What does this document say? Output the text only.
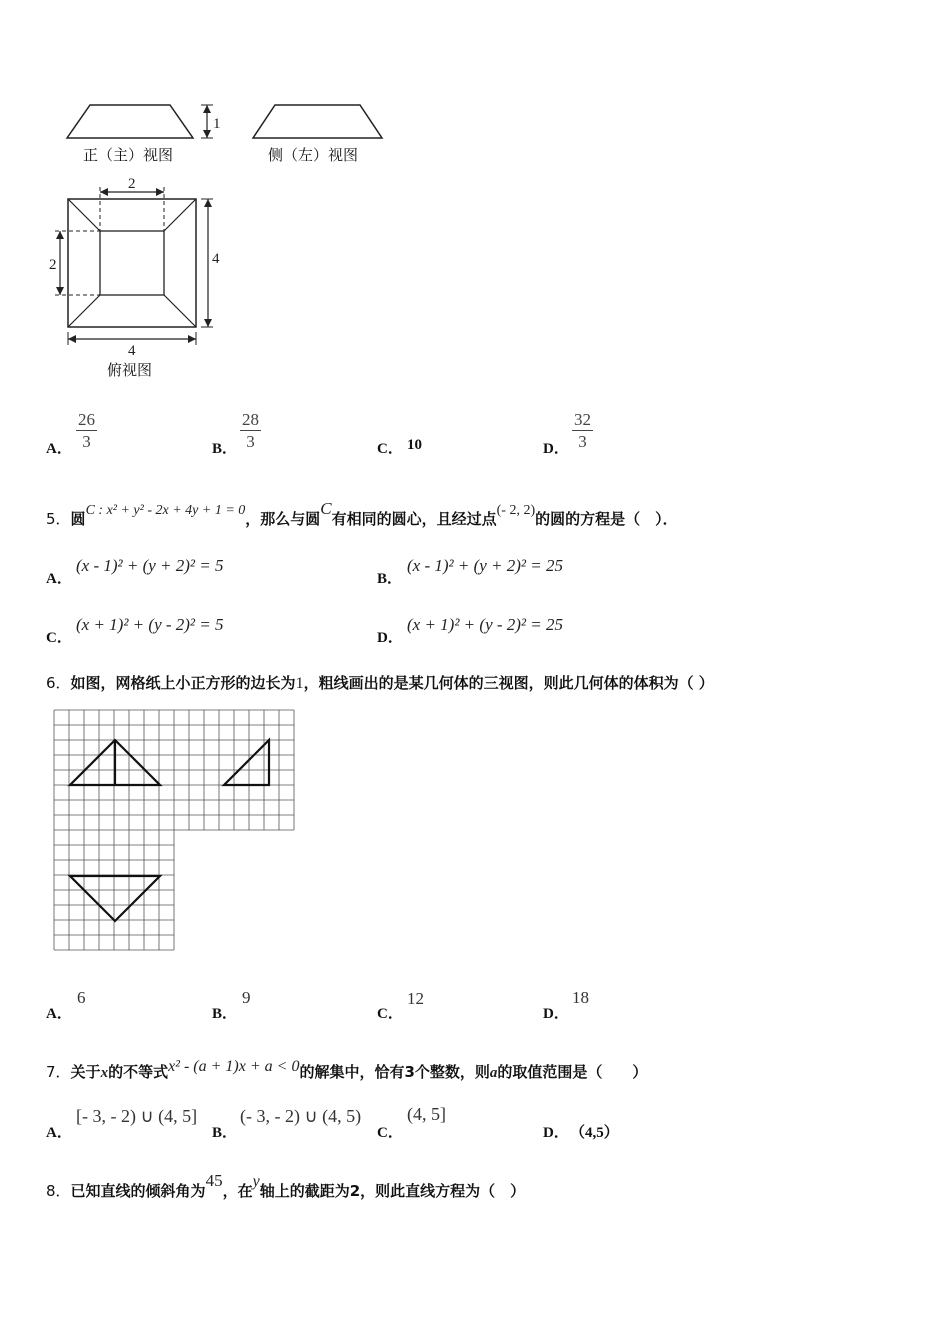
1
2
2	4
4
正（主）视图	侧（左）视图
俯视图
A． $\frac{26}{3}$	B． $\frac{28}{3}$	C． 10	D． $\frac{32}{3}$
5．圆C : x² + y² - 2x + 4y + 1 = 0，那么与圆C有相同的圆心，且经过点(- 2, 2)的圆的方程是（　）．
A．
(x - 1)² + (y + 2)² = 5
B．
(x - 1)² + (y + 2)² = 25
C．
(x + 1)² + (y - 2)² = 5
D．
(x + 1)² + (y - 2)² = 25
6．如图，网格纸上小正方形的边长为1，粗线画出的是某几何体的三视图，则此几何体的体积为（ ）
A．
6
B．
9
C．
12
D．
18
7．关于x的不等式x² - (a + 1)x + a < 0的解集中，恰有3个整数，则a的取值范围是（　　）
A．
[- 3, - 2) ∪ (4, 5]
B．
(- 3, - 2) ∪ (4, 5)
C．
(4, 5]
D． （4,5）
8．已知直线的倾斜角为45，在y轴上的截距为2，则此直线方程为（　）
